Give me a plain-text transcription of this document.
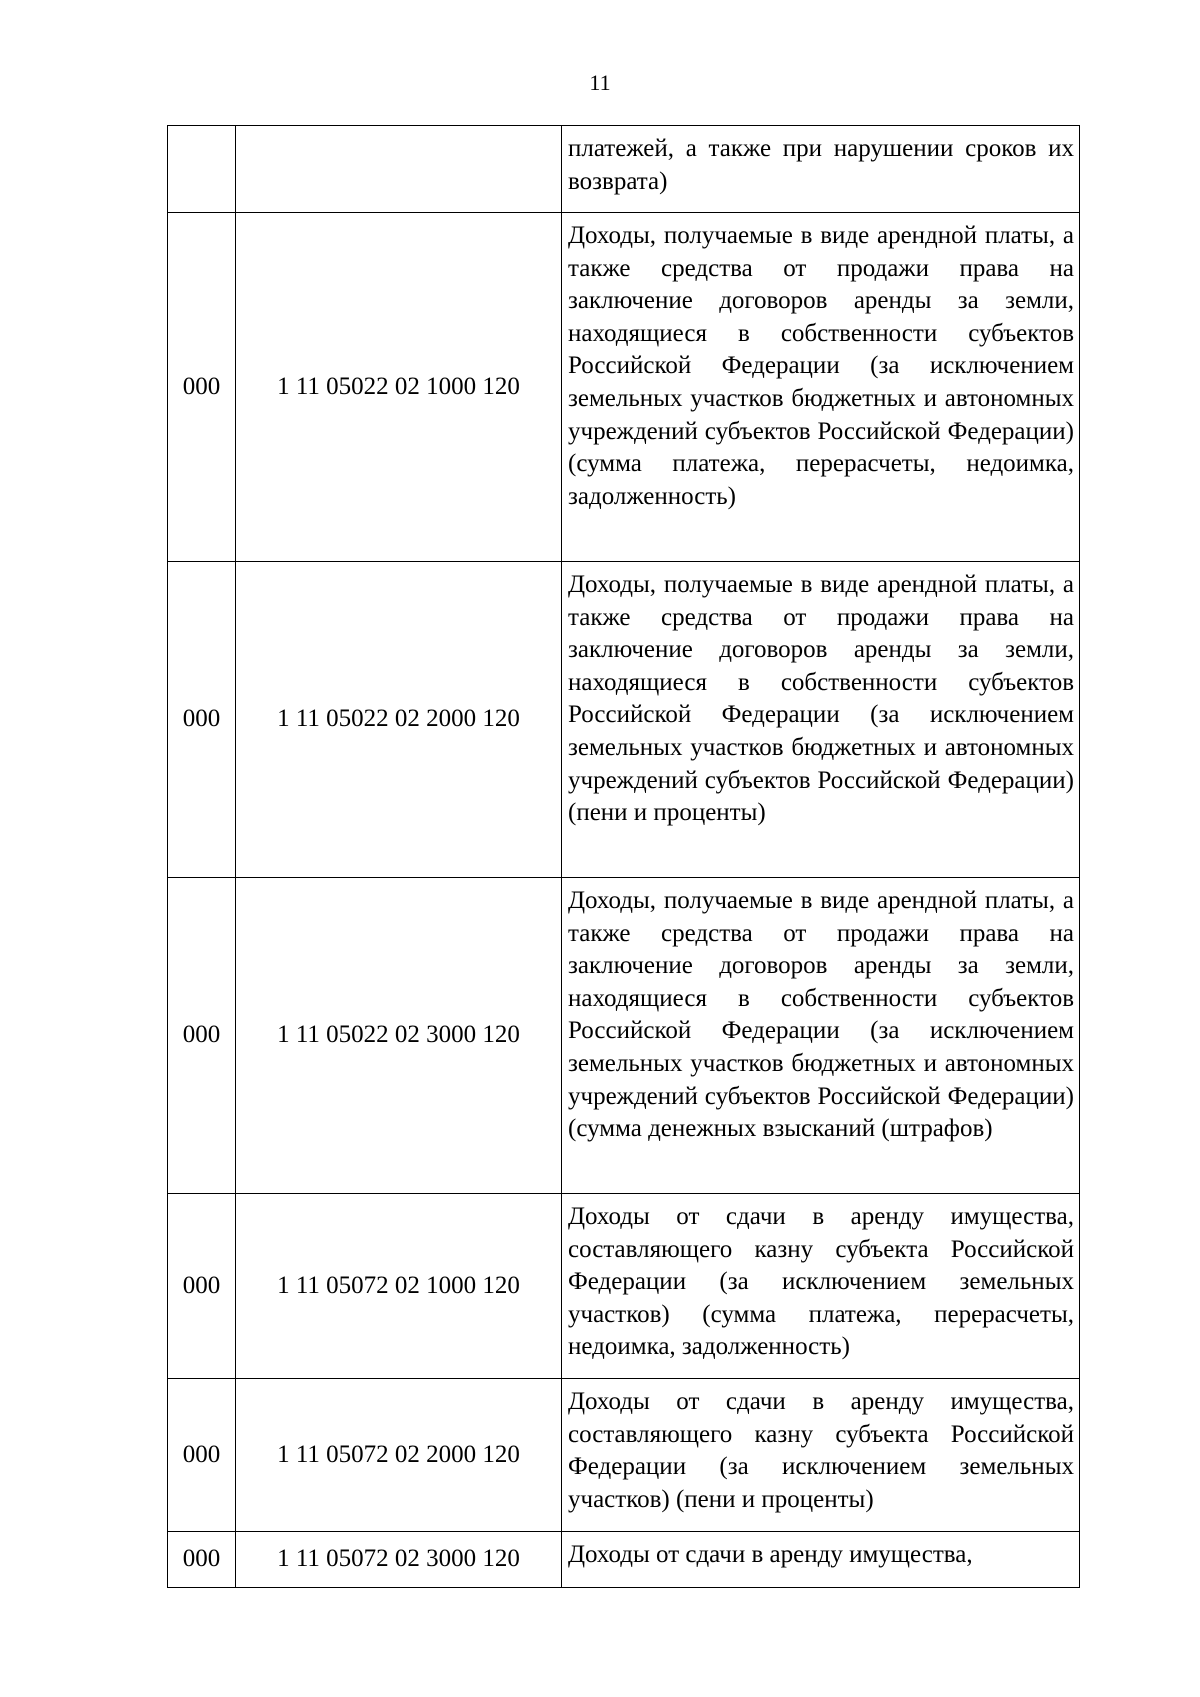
11

		платежей, а также при нарушении сроков их возврата)

000	1 11 05022 02 1000 120	Доходы, получаемые в виде арендной платы, а также средства от продажи права на заключение договоров аренды за земли, находящиеся в собственности субъектов Российской Федерации (за исключением земельных участков бюджетных и автономных учреждений субъектов Российской Федерации) (сумма платежа, перерасчеты, недоимка, задолженность)

000	1 11 05022 02 2000 120	Доходы, получаемые в виде арендной платы, а также средства от продажи права на заключение договоров аренды за земли, находящиеся в собственности субъектов Российской Федерации (за исключением земельных участков бюджетных и автономных учреждений субъектов Российской Федерации) (пени и проценты)

000	1 11 05022 02 3000 120	Доходы, получаемые в виде арендной платы, а также средства от продажи права на заключение договоров аренды за земли, находящиеся в собственности субъектов Российской Федерации (за исключением земельных участков бюджетных и автономных учреждений субъектов Российской Федерации) (сумма денежных взысканий (штрафов)

000	1 11 05072 02 1000 120	Доходы от сдачи в аренду имущества, составляющего казну субъекта Российской Федерации (за исключением земельных участков) (сумма платежа, перерасчеты, недоимка, задолженность)

000	1 11 05072 02 2000 120	Доходы от сдачи в аренду имущества, составляющего казну субъекта Российской Федерации (за исключением земельных участков) (пени и проценты)

000	1 11 05072 02 3000 120	Доходы от сдачи в аренду имущества,
